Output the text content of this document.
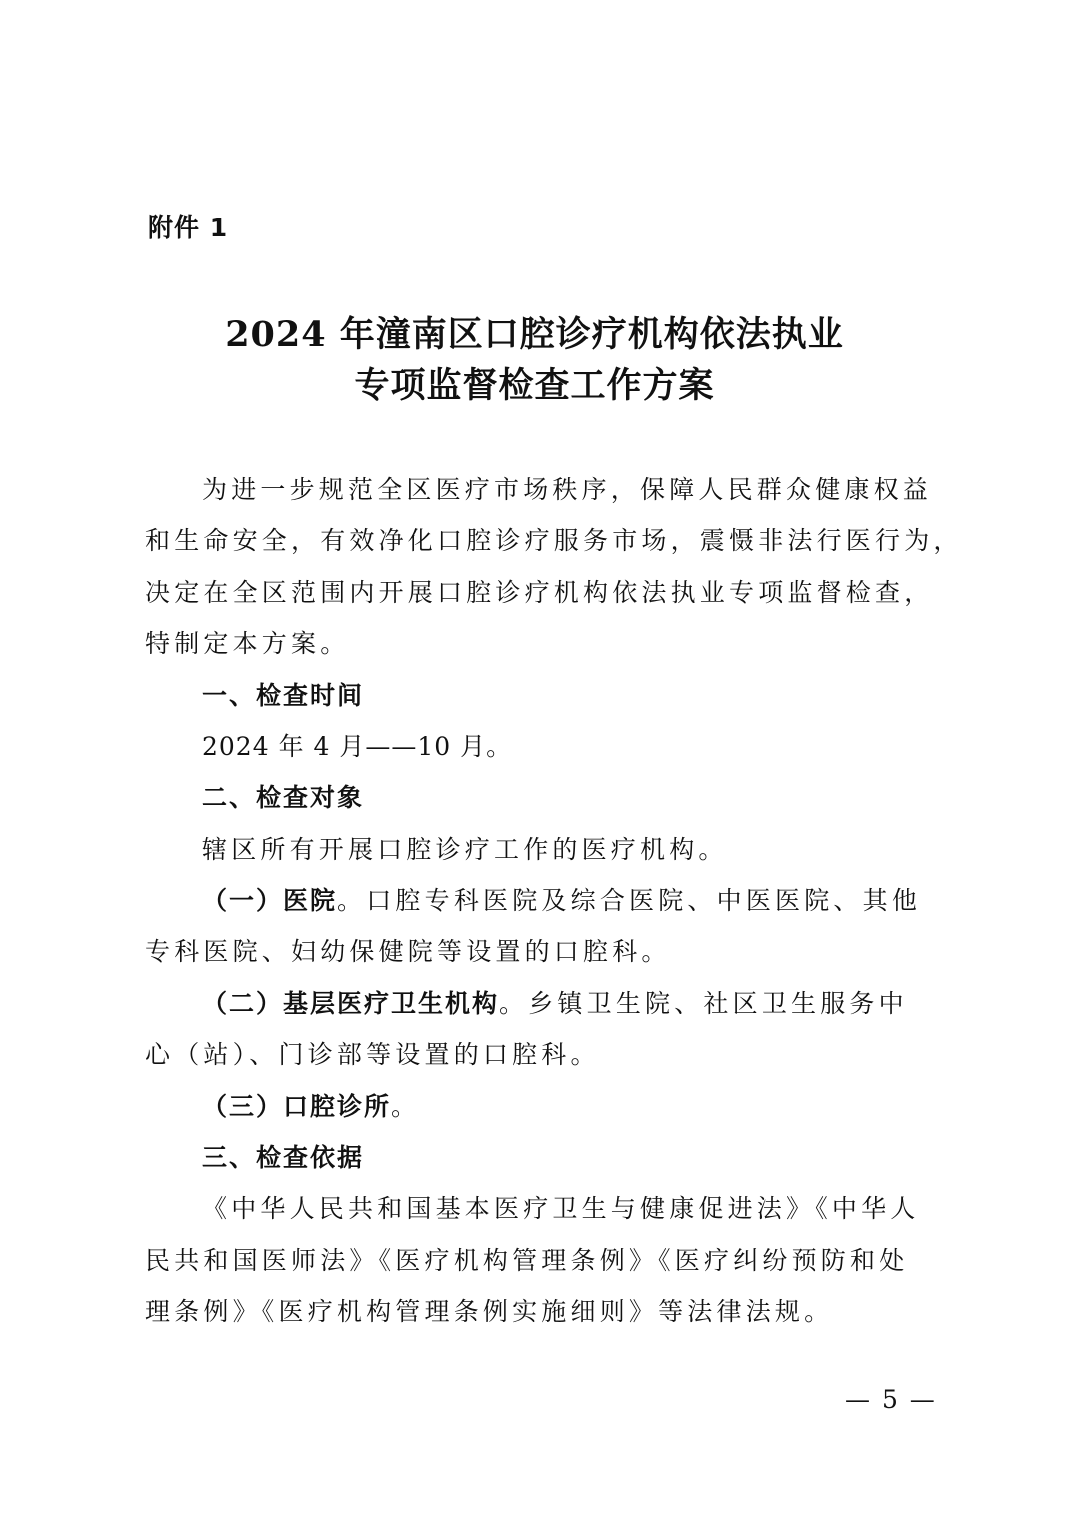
附件 1
2024 年潼南区口腔诊疗机构依法执业
专项监督检查工作方案
为进一步规范全区医疗市场秩序，保障人民群众健康权益
和生命安全，有效净化口腔诊疗服务市场，震慑非法行医行为，
决定在全区范围内开展口腔诊疗机构依法执业专项监督检查，
特制定本方案。
一、检查时间
2024 年 4 月——10 月。
二、检查对象
辖区所有开展口腔诊疗工作的医疗机构。
（一）医院。口腔专科医院及综合医院、中医医院、其他
专科医院、妇幼保健院等设置的口腔科。
（二）基层医疗卫生机构。乡镇卫生院、社区卫生服务中
心（站）、门诊部等设置的口腔科。
（三）口腔诊所。
三、检查依据
《中华人民共和国基本医疗卫生与健康促进法》《中华人
民共和国医师法》《医疗机构管理条例》《医疗纠纷预防和处
理条例》《医疗机构管理条例实施细则》等法律法规。
— 5 —
